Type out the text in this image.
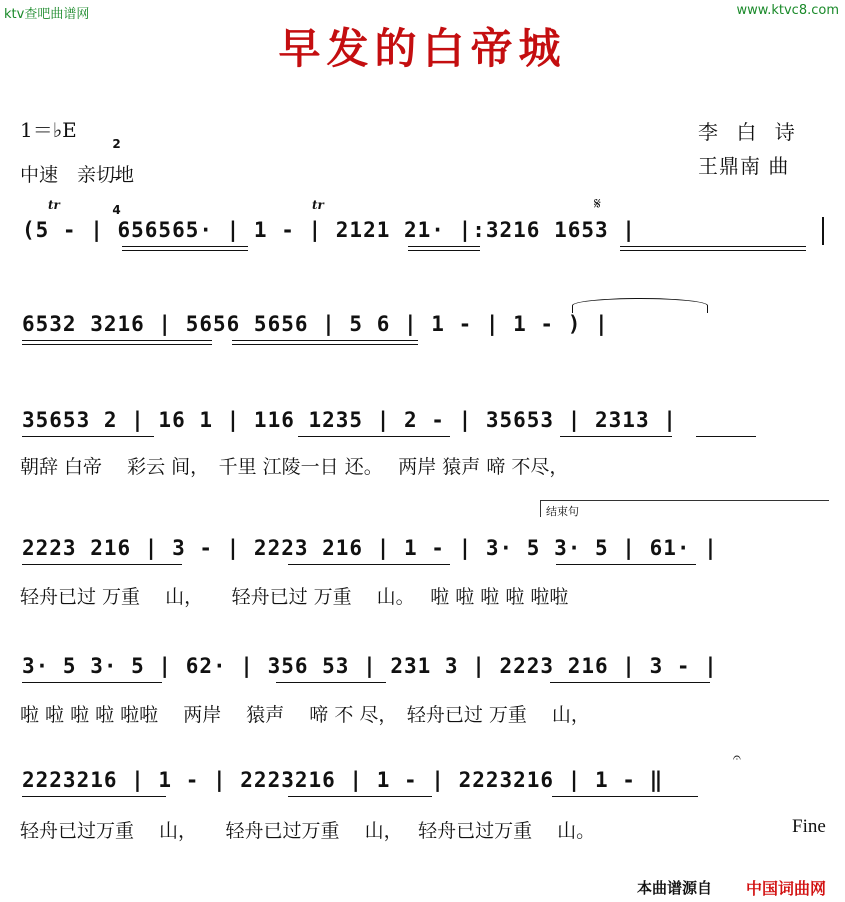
ktv查吧曲谱网	www.ktvc8.com
早发的白帝城
1＝♭E

2

4

中速　亲切地
李 白 诗
王鼎南 曲
tr	tr	𝄋
(5 - | 656565· | 1 - | 2121 21· |:3216 1653 |
6532 3216 | 5656 5656 | 5 6 | 1 - | 1 - ) |
35653 2 | 16 1 | 116 1235 | 2 - | 35653 | 2313 |
朝辞 白帝　 彩云 间，　千里 江陵一日 还。　 两岸 猿声 啼 不尽，
结束句
2223 216 | 3 - | 2223 216 | 1 - | 3· 5 3· 5 | 61· |
轻舟已过 万重　 山，　　轻舟已过 万重　 山。　 啦 啦 啦 啦 啦啦
3· 5 3· 5 | 62· | 356 53 | 231 3 | 2223 216 | 3 - |
啦 啦 啦 啦 啦啦　 两岸　 猿声　 啼 不 尽，　轻舟已过 万重　 山，
𝄐
2223216 | 1 - | 2223216 | 1 - | 2223216 | 1 - ‖
轻舟已过万重　 山，　　轻舟已过万重　 山，　 轻舟已过万重　 山。	Fine
本曲谱源自 中国词曲网
